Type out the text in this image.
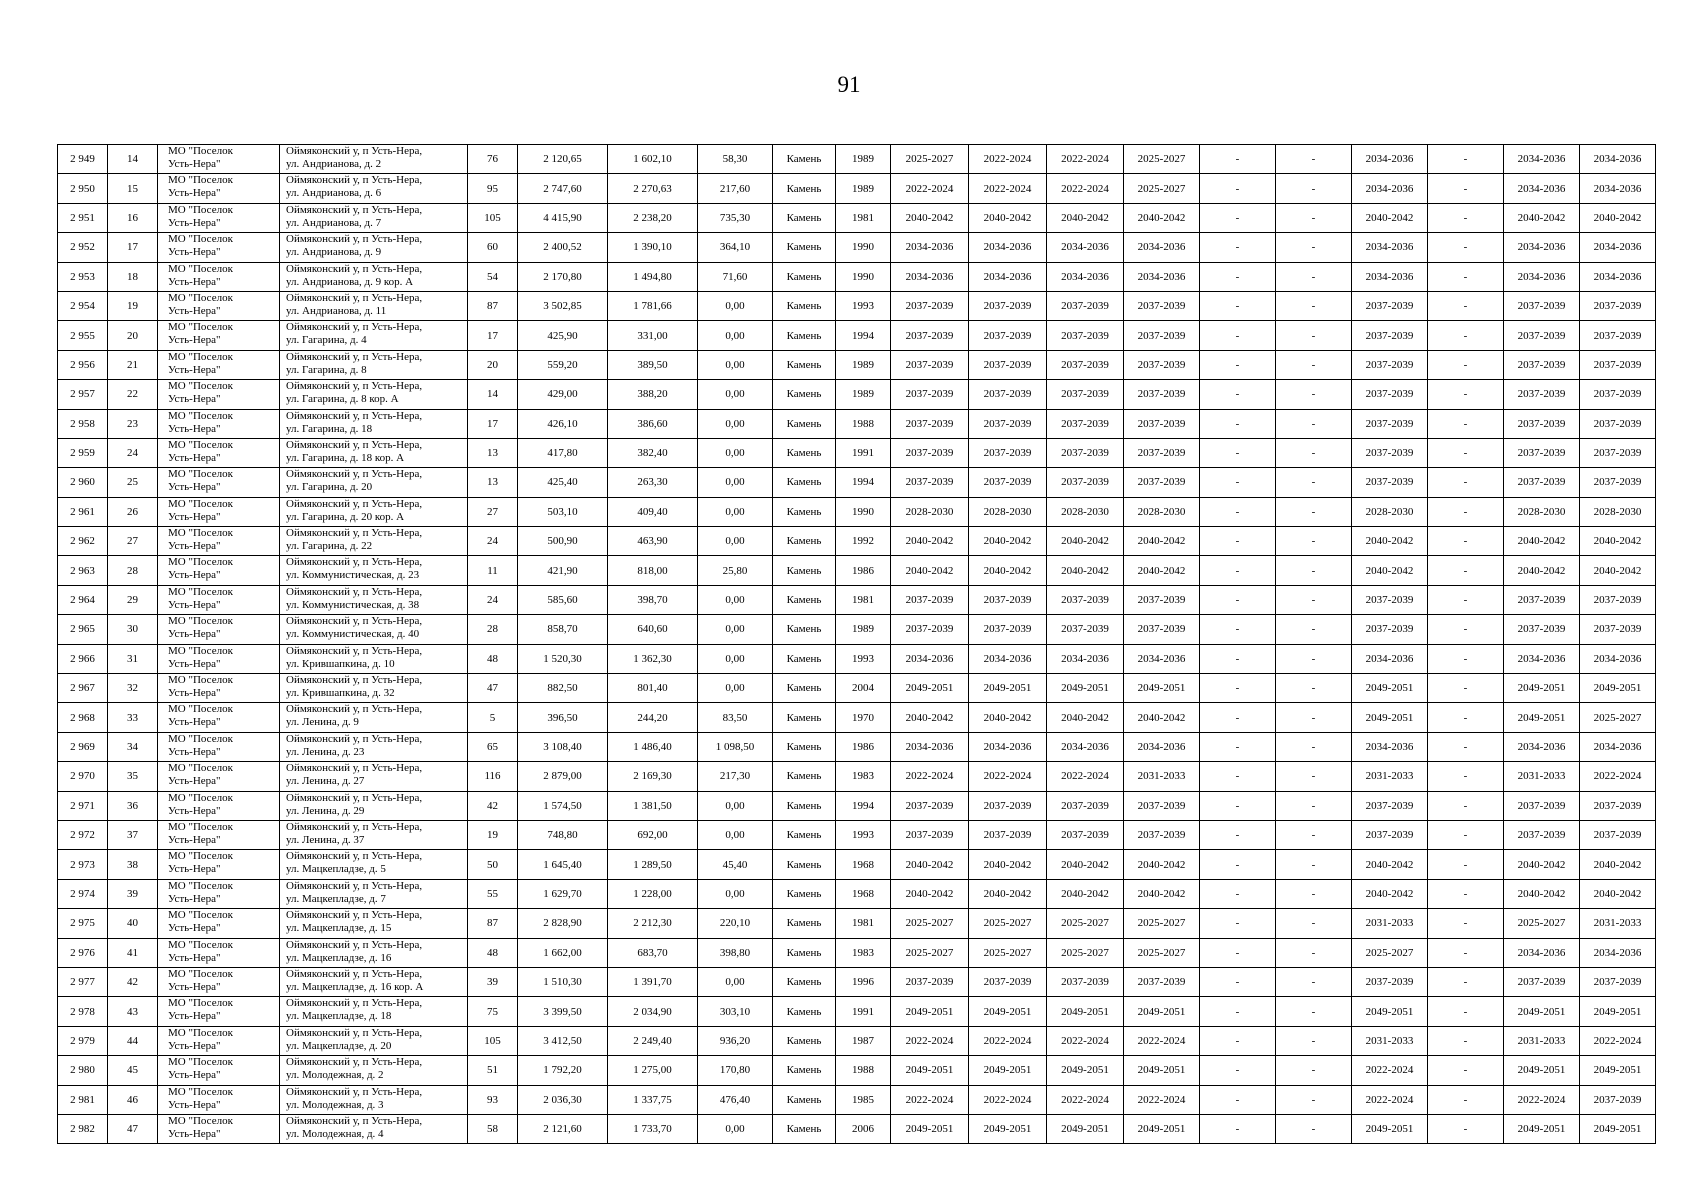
91
2 949	14	МО "Поселок
Усть-Нера"	Оймяконский у, п Усть-Нера,
ул. Андрианова, д. 2	76	2 120,65	1 602,10	58,30	Камень	1989	2025-2027	2022-2024	2022-2024	2025-2027	-	-	2034-2036	-	2034-2036	2034-2036
2 950	15	МО "Поселок
Усть-Нера"	Оймяконский у, п Усть-Нера,
ул. Андрианова, д. 6	95	2 747,60	2 270,63	217,60	Камень	1989	2022-2024	2022-2024	2022-2024	2025-2027	-	-	2034-2036	-	2034-2036	2034-2036
2 951	16	МО "Поселок
Усть-Нера"	Оймяконский у, п Усть-Нера,
ул. Андрианова, д. 7	105	4 415,90	2 238,20	735,30	Камень	1981	2040-2042	2040-2042	2040-2042	2040-2042	-	-	2040-2042	-	2040-2042	2040-2042
2 952	17	МО "Поселок
Усть-Нера"	Оймяконский у, п Усть-Нера,
ул. Андрианова, д. 9	60	2 400,52	1 390,10	364,10	Камень	1990	2034-2036	2034-2036	2034-2036	2034-2036	-	-	2034-2036	-	2034-2036	2034-2036
2 953	18	МО "Поселок
Усть-Нера"	Оймяконский у, п Усть-Нера,
ул. Андрианова, д. 9 кор. А	54	2 170,80	1 494,80	71,60	Камень	1990	2034-2036	2034-2036	2034-2036	2034-2036	-	-	2034-2036	-	2034-2036	2034-2036
2 954	19	МО "Поселок
Усть-Нера"	Оймяконский у, п Усть-Нера,
ул. Андрианова, д. 11	87	3 502,85	1 781,66	0,00	Камень	1993	2037-2039	2037-2039	2037-2039	2037-2039	-	-	2037-2039	-	2037-2039	2037-2039
2 955	20	МО "Поселок
Усть-Нера"	Оймяконский у, п Усть-Нера,
ул. Гагарина, д. 4	17	425,90	331,00	0,00	Камень	1994	2037-2039	2037-2039	2037-2039	2037-2039	-	-	2037-2039	-	2037-2039	2037-2039
2 956	21	МО "Поселок
Усть-Нера"	Оймяконский у, п Усть-Нера,
ул. Гагарина, д. 8	20	559,20	389,50	0,00	Камень	1989	2037-2039	2037-2039	2037-2039	2037-2039	-	-	2037-2039	-	2037-2039	2037-2039
2 957	22	МО "Поселок
Усть-Нера"	Оймяконский у, п Усть-Нера,
ул. Гагарина, д. 8 кор. А	14	429,00	388,20	0,00	Камень	1989	2037-2039	2037-2039	2037-2039	2037-2039	-	-	2037-2039	-	2037-2039	2037-2039
2 958	23	МО "Поселок
Усть-Нера"	Оймяконский у, п Усть-Нера,
ул. Гагарина, д. 18	17	426,10	386,60	0,00	Камень	1988	2037-2039	2037-2039	2037-2039	2037-2039	-	-	2037-2039	-	2037-2039	2037-2039
2 959	24	МО "Поселок
Усть-Нера"	Оймяконский у, п Усть-Нера,
ул. Гагарина, д. 18 кор. А	13	417,80	382,40	0,00	Камень	1991	2037-2039	2037-2039	2037-2039	2037-2039	-	-	2037-2039	-	2037-2039	2037-2039
2 960	25	МО "Поселок
Усть-Нера"	Оймяконский у, п Усть-Нера,
ул. Гагарина, д. 20	13	425,40	263,30	0,00	Камень	1994	2037-2039	2037-2039	2037-2039	2037-2039	-	-	2037-2039	-	2037-2039	2037-2039
2 961	26	МО "Поселок
Усть-Нера"	Оймяконский у, п Усть-Нера,
ул. Гагарина, д. 20 кор. А	27	503,10	409,40	0,00	Камень	1990	2028-2030	2028-2030	2028-2030	2028-2030	-	-	2028-2030	-	2028-2030	2028-2030
2 962	27	МО "Поселок
Усть-Нера"	Оймяконский у, п Усть-Нера,
ул. Гагарина, д. 22	24	500,90	463,90	0,00	Камень	1992	2040-2042	2040-2042	2040-2042	2040-2042	-	-	2040-2042	-	2040-2042	2040-2042
2 963	28	МО "Поселок
Усть-Нера"	Оймяконский у, п Усть-Нера,
ул. Коммунистическая, д. 23	11	421,90	818,00	25,80	Камень	1986	2040-2042	2040-2042	2040-2042	2040-2042	-	-	2040-2042	-	2040-2042	2040-2042
2 964	29	МО "Поселок
Усть-Нера"	Оймяконский у, п Усть-Нера,
ул. Коммунистическая, д. 38	24	585,60	398,70	0,00	Камень	1981	2037-2039	2037-2039	2037-2039	2037-2039	-	-	2037-2039	-	2037-2039	2037-2039
2 965	30	МО "Поселок
Усть-Нера"	Оймяконский у, п Усть-Нера,
ул. Коммунистическая, д. 40	28	858,70	640,60	0,00	Камень	1989	2037-2039	2037-2039	2037-2039	2037-2039	-	-	2037-2039	-	2037-2039	2037-2039
2 966	31	МО "Поселок
Усть-Нера"	Оймяконский у, п Усть-Нера,
ул. Крившапкина, д. 10	48	1 520,30	1 362,30	0,00	Камень	1993	2034-2036	2034-2036	2034-2036	2034-2036	-	-	2034-2036	-	2034-2036	2034-2036
2 967	32	МО "Поселок
Усть-Нера"	Оймяконский у, п Усть-Нера,
ул. Крившапкина, д. 32	47	882,50	801,40	0,00	Камень	2004	2049-2051	2049-2051	2049-2051	2049-2051	-	-	2049-2051	-	2049-2051	2049-2051
2 968	33	МО "Поселок
Усть-Нера"	Оймяконский у, п Усть-Нера,
ул. Ленина, д. 9	5	396,50	244,20	83,50	Камень	1970	2040-2042	2040-2042	2040-2042	2040-2042	-	-	2049-2051	-	2049-2051	2025-2027
2 969	34	МО "Поселок
Усть-Нера"	Оймяконский у, п Усть-Нера,
ул. Ленина, д. 23	65	3 108,40	1 486,40	1 098,50	Камень	1986	2034-2036	2034-2036	2034-2036	2034-2036	-	-	2034-2036	-	2034-2036	2034-2036
2 970	35	МО "Поселок
Усть-Нера"	Оймяконский у, п Усть-Нера,
ул. Ленина, д. 27	116	2 879,00	2 169,30	217,30	Камень	1983	2022-2024	2022-2024	2022-2024	2031-2033	-	-	2031-2033	-	2031-2033	2022-2024
2 971	36	МО "Поселок
Усть-Нера"	Оймяконский у, п Усть-Нера,
ул. Ленина, д. 29	42	1 574,50	1 381,50	0,00	Камень	1994	2037-2039	2037-2039	2037-2039	2037-2039	-	-	2037-2039	-	2037-2039	2037-2039
2 972	37	МО "Поселок
Усть-Нера"	Оймяконский у, п Усть-Нера,
ул. Ленина, д. 37	19	748,80	692,00	0,00	Камень	1993	2037-2039	2037-2039	2037-2039	2037-2039	-	-	2037-2039	-	2037-2039	2037-2039
2 973	38	МО "Поселок
Усть-Нера"	Оймяконский у, п Усть-Нера,
ул. Мацкепладзе, д. 5	50	1 645,40	1 289,50	45,40	Камень	1968	2040-2042	2040-2042	2040-2042	2040-2042	-	-	2040-2042	-	2040-2042	2040-2042
2 974	39	МО "Поселок
Усть-Нера"	Оймяконский у, п Усть-Нера,
ул. Мацкепладзе, д. 7	55	1 629,70	1 228,00	0,00	Камень	1968	2040-2042	2040-2042	2040-2042	2040-2042	-	-	2040-2042	-	2040-2042	2040-2042
2 975	40	МО "Поселок
Усть-Нера"	Оймяконский у, п Усть-Нера,
ул. Мацкепладзе, д. 15	87	2 828,90	2 212,30	220,10	Камень	1981	2025-2027	2025-2027	2025-2027	2025-2027	-	-	2031-2033	-	2025-2027	2031-2033
2 976	41	МО "Поселок
Усть-Нера"	Оймяконский у, п Усть-Нера,
ул. Мацкепладзе, д. 16	48	1 662,00	683,70	398,80	Камень	1983	2025-2027	2025-2027	2025-2027	2025-2027	-	-	2025-2027	-	2034-2036	2034-2036
2 977	42	МО "Поселок
Усть-Нера"	Оймяконский у, п Усть-Нера,
ул. Мацкепладзе, д. 16 кор. А	39	1 510,30	1 391,70	0,00	Камень	1996	2037-2039	2037-2039	2037-2039	2037-2039	-	-	2037-2039	-	2037-2039	2037-2039
2 978	43	МО "Поселок
Усть-Нера"	Оймяконский у, п Усть-Нера,
ул. Мацкепладзе, д. 18	75	3 399,50	2 034,90	303,10	Камень	1991	2049-2051	2049-2051	2049-2051	2049-2051	-	-	2049-2051	-	2049-2051	2049-2051
2 979	44	МО "Поселок
Усть-Нера"	Оймяконский у, п Усть-Нера,
ул. Мацкепладзе, д. 20	105	3 412,50	2 249,40	936,20	Камень	1987	2022-2024	2022-2024	2022-2024	2022-2024	-	-	2031-2033	-	2031-2033	2022-2024
2 980	45	МО "Поселок
Усть-Нера"	Оймяконский у, п Усть-Нера,
ул. Молодежная, д. 2	51	1 792,20	1 275,00	170,80	Камень	1988	2049-2051	2049-2051	2049-2051	2049-2051	-	-	2022-2024	-	2049-2051	2049-2051
2 981	46	МО "Поселок
Усть-Нера"	Оймяконский у, п Усть-Нера,
ул. Молодежная, д. 3	93	2 036,30	1 337,75	476,40	Камень	1985	2022-2024	2022-2024	2022-2024	2022-2024	-	-	2022-2024	-	2022-2024	2037-2039
2 982	47	МО "Поселок
Усть-Нера"	Оймяконский у, п Усть-Нера,
ул. Молодежная, д. 4	58	2 121,60	1 733,70	0,00	Камень	2006	2049-2051	2049-2051	2049-2051	2049-2051	-	-	2049-2051	-	2049-2051	2049-2051
